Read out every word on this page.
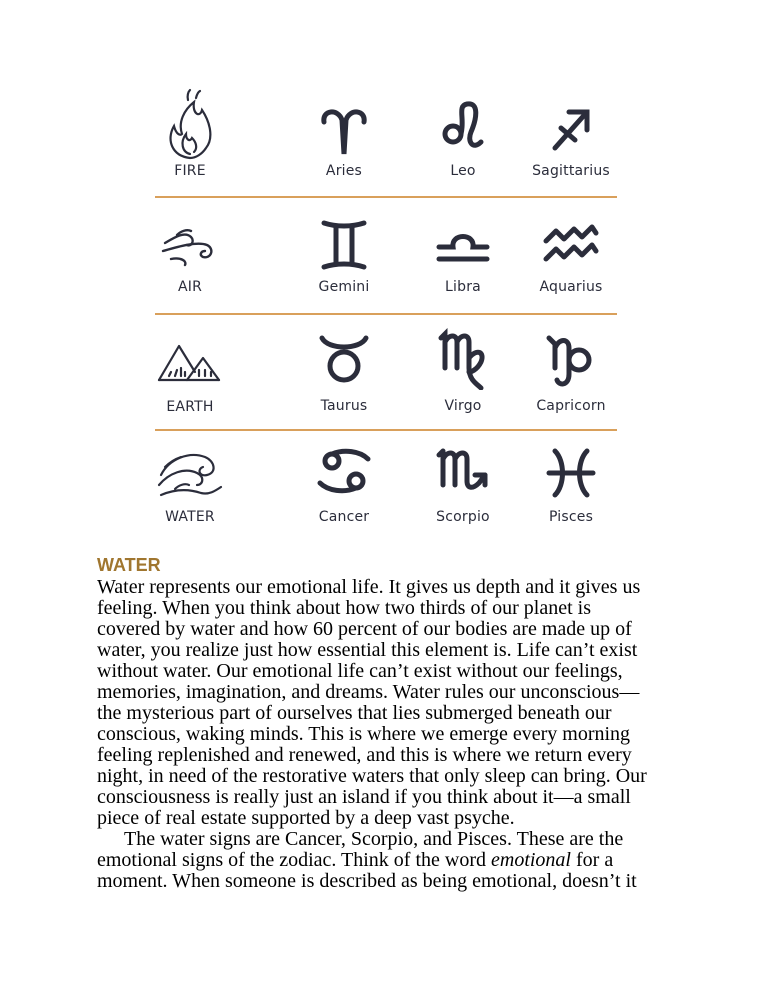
FIRE	Aries	Leo	Sagittarius
AIR	Gemini	Libra	Aquarius
EARTH	Taurus	Virgo	Capricorn
WATER	Cancer	Scorpio	Pisces
WATER

Water represents our emotional life. It gives us depth and it gives us
feeling. When you think about how two thirds of our planet is
covered by water and how 60 percent of our bodies are made up of
water, you realize just how essential this element is. Life can’t exist
without water. Our emotional life can’t exist without our feelings,
memories, imagination, and dreams. Water rules our unconscious—
the mysterious part of ourselves that lies submerged beneath our
conscious, waking minds. This is where we emerge every morning
feeling replenished and renewed, and this is where we return every
night, in need of the restorative waters that only sleep can bring. Our
consciousness is really just an island if you think about it—a small
piece of real estate supported by a deep vast psyche.

The water signs are Cancer, Scorpio, and Pisces. These are the
emotional signs of the zodiac. Think of the word emotional for a
moment. When someone is described as being emotional, doesn’t it
